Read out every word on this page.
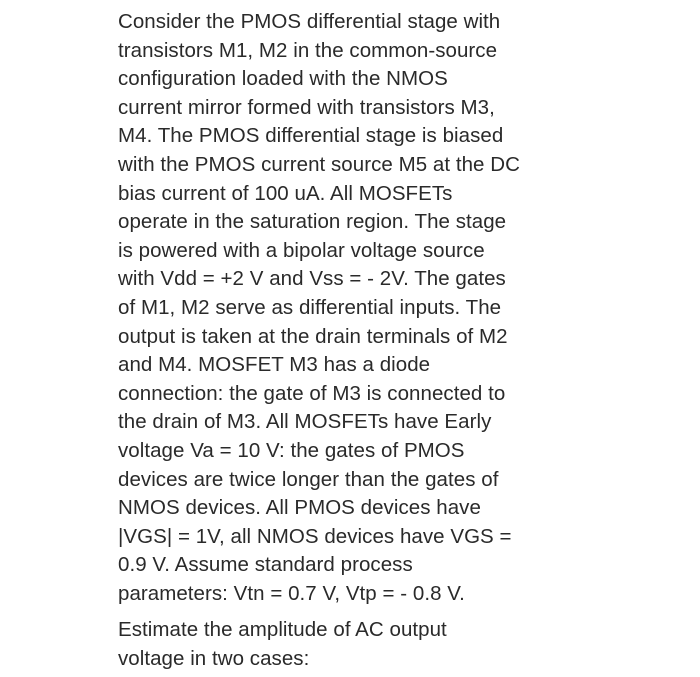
Consider the PMOS differential stage with
transistors M1, M2 in the common-source
configuration loaded with the NMOS
current mirror formed with transistors M3,
M4. The PMOS differential stage is biased
with the PMOS current source M5 at the DC
bias current of 100 uA. All MOSFETs
operate in the saturation region. The stage
is powered with a bipolar voltage source
with Vdd = +2 V and Vss = - 2V. The gates
of M1, M2 serve as differential inputs. The
output is taken at the drain terminals of M2
and M4. MOSFET M3 has a diode
connection: the gate of M3 is connected to
the drain of M3. All MOSFETs have Early
voltage Va = 10 V: the gates of PMOS
devices are twice longer than the gates of
NMOS devices. All PMOS devices have
|VGS| = 1V, all NMOS devices have VGS =
0.9 V. Assume standard process
parameters: Vtn = 0.7 V, Vtp = - 0.8 V.
Estimate the amplitude of AC output
voltage in two cases:
